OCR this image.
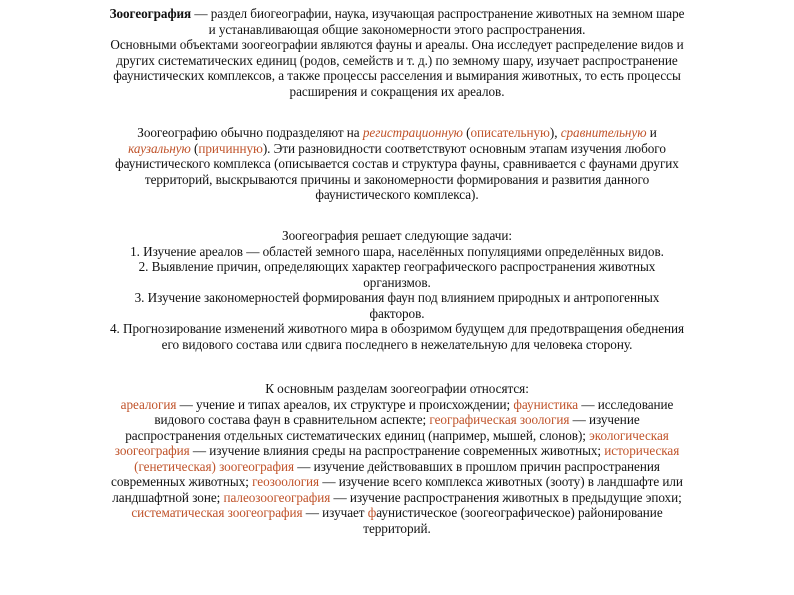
Зоогеография — раздел биогеографии, наука, изучающая распространение животных на земном шаре
и устанавливающая общие закономерности этого распространения.
Основными объектами зоогеографии являются фауны и ареалы. Она исследует распределение видов и
других систематических единиц (родов, семейств и т. д.) по земному шару, изучает распространение
фаунистических комплексов, а также процессы расселения и вымирания животных, то есть процессы
расширения и сокращения их ареалов.
Зоогеографию обычно подразделяют на регистрационную (описательную), сравнительную и
каузальную (причинную). Эти разновидности соответствуют основным этапам изучения любого
фаунистического комплекса (описывается состав и структура фауны, сравнивается с фаунами других
территорий, выскрываются причины и закономерности формирования и развития данного
фаунистического комплекса).
Зоогеография решает следующие задачи:
1. Изучение ареалов — областей земного шара, населённых популяциями определённых видов.
2. Выявление причин, определяющих характер географического распространения животных
организмов.
3. Изучение закономерностей формирования фаун под влиянием природных и антропогенных
факторов.
4. Прогнозирование изменений животного мира в обозримом будущем для предотвращения обеднения
его видового состава или сдвига последнего в нежелательную для человека сторону.
К основным разделам зоогеографии относятся:
ареалогия — учение и типах ареалов, их структуре и происхождении; фаунистика — исследование
видового состава фаун в сравнительном аспекте; географическая зоология — изучение
распространения отдельных систематических единиц (например, мышей, слонов); экологическая
зоогеография — изучение влияния среды на распространение современных животных; историческая
(генетическая) зоогеография — изучение действовавших в прошлом причин распространения
современных животных; геозоология — изучение всего комплекса животных (зооту) в ландшафте или
ландшафтной зоне; палеозоогеография — изучение распространения животных в предыдущие эпохи;
систематическая зоогеография — изучает фаунистическое (зоогеографическое) районирование
территорий.
